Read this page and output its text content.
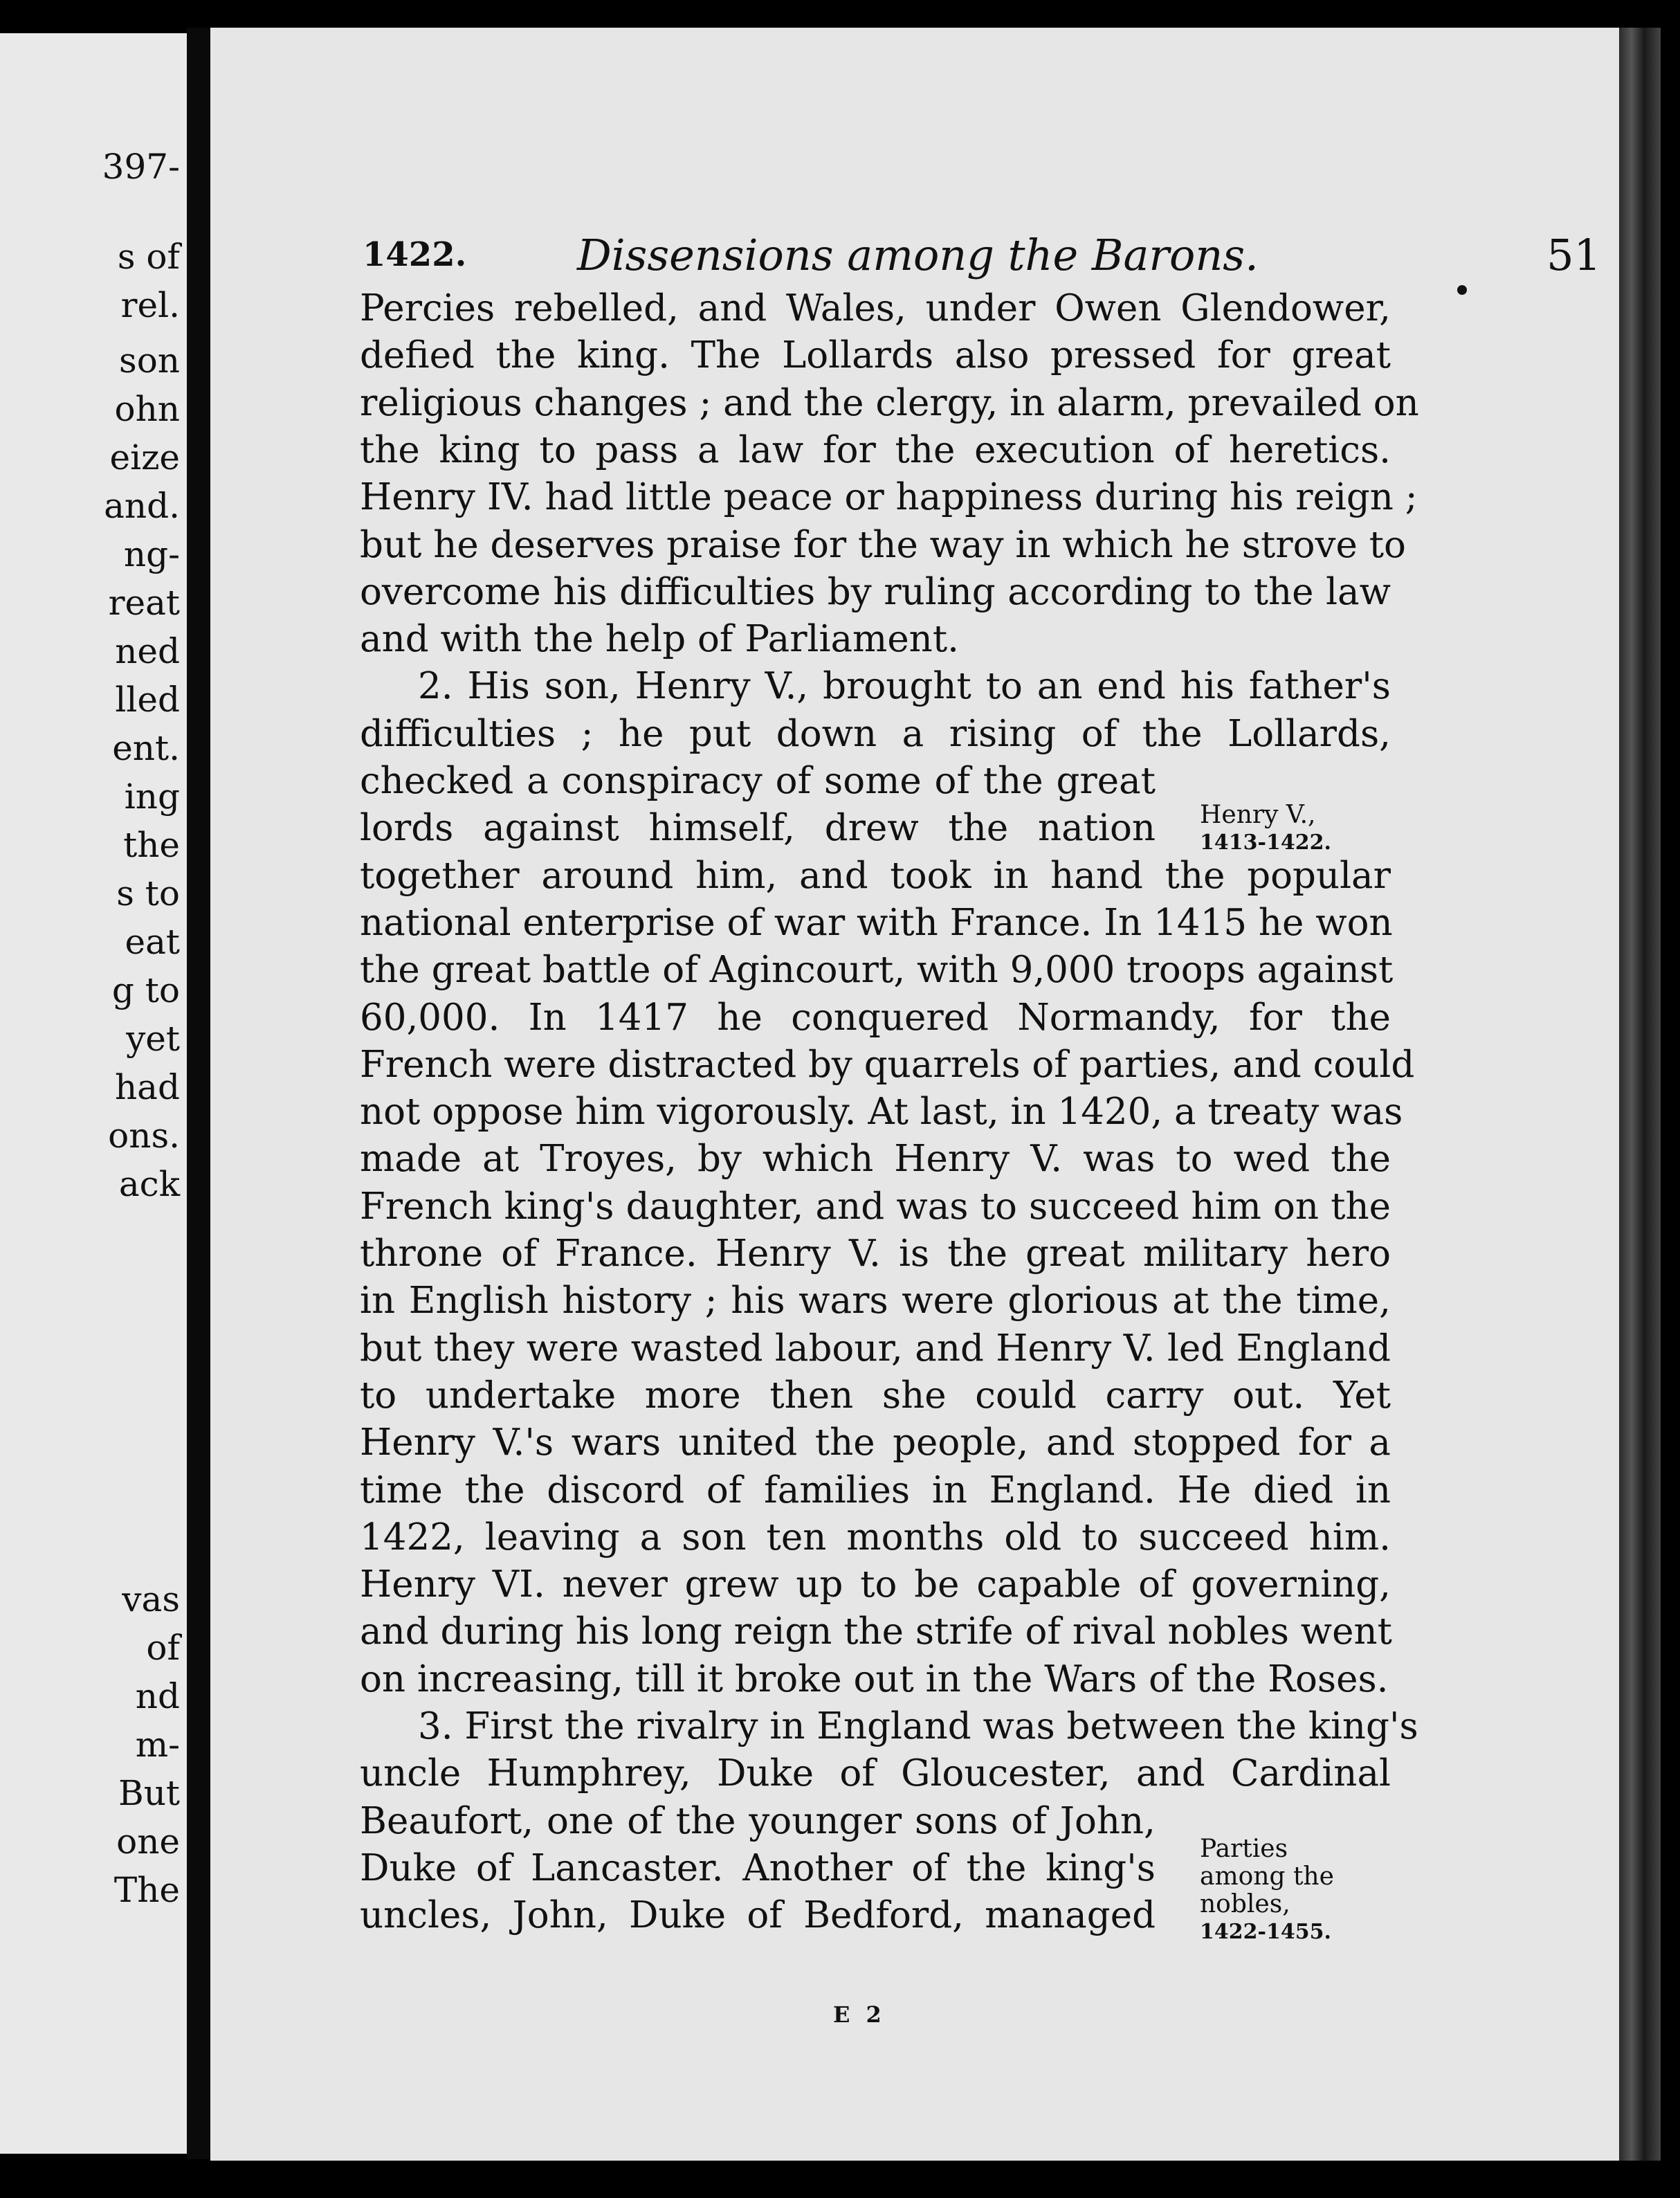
397-
s of
rel.
son
ohn
eize
and.
ng-
reat
ned
lled
ent.
ing
the
s to
eat
g to
yet
had
ons.
ack
vas
of
nd
m-
But
one
The
1422.	Dissensions among the Barons.	51
Percies rebelled, and Wales, under Owen Glendower,
defied the king. The Lollards also pressed for great
religious changes ; and the clergy, in alarm, prevailed on
the king to pass a law for the execution of heretics.
Henry IV. had little peace or happiness during his reign ;
but he deserves praise for the way in which he strove to
overcome his difficulties by ruling according to the law
and with the help of Parliament.
2. His son, Henry V., brought to an end his father's
difficulties ; he put down a rising of the Lollards,
checked a conspiracy of some of the great
lords against himself, drew the nation
together around him, and took in hand the popular
national enterprise of war with France. In 1415 he won
the great battle of Agincourt, with 9,000 troops against
60,000. In 1417 he conquered Normandy, for the
French were distracted by quarrels of parties, and could
not oppose him vigorously. At last, in 1420, a treaty was
made at Troyes, by which Henry V. was to wed the
French king's daughter, and was to succeed him on the
throne of France. Henry V. is the great military hero
in English history ; his wars were glorious at the time,
but they were wasted labour, and Henry V. led England
to undertake more then she could carry out. Yet
Henry V.'s wars united the people, and stopped for a
time the discord of families in England. He died in
1422, leaving a son ten months old to succeed him.
Henry VI. never grew up to be capable of governing,
and during his long reign the strife of rival nobles went
on increasing, till it broke out in the Wars of the Roses.
3. First the rivalry in England was between the king's
uncle Humphrey, Duke of Gloucester, and Cardinal
Beaufort, one of the younger sons of John,
Duke of Lancaster. Another of the king's
uncles, John, Duke of Bedford, managed
Henry V.,
1413-1422.
Parties
among the
nobles,
1422-1455.
E 2
